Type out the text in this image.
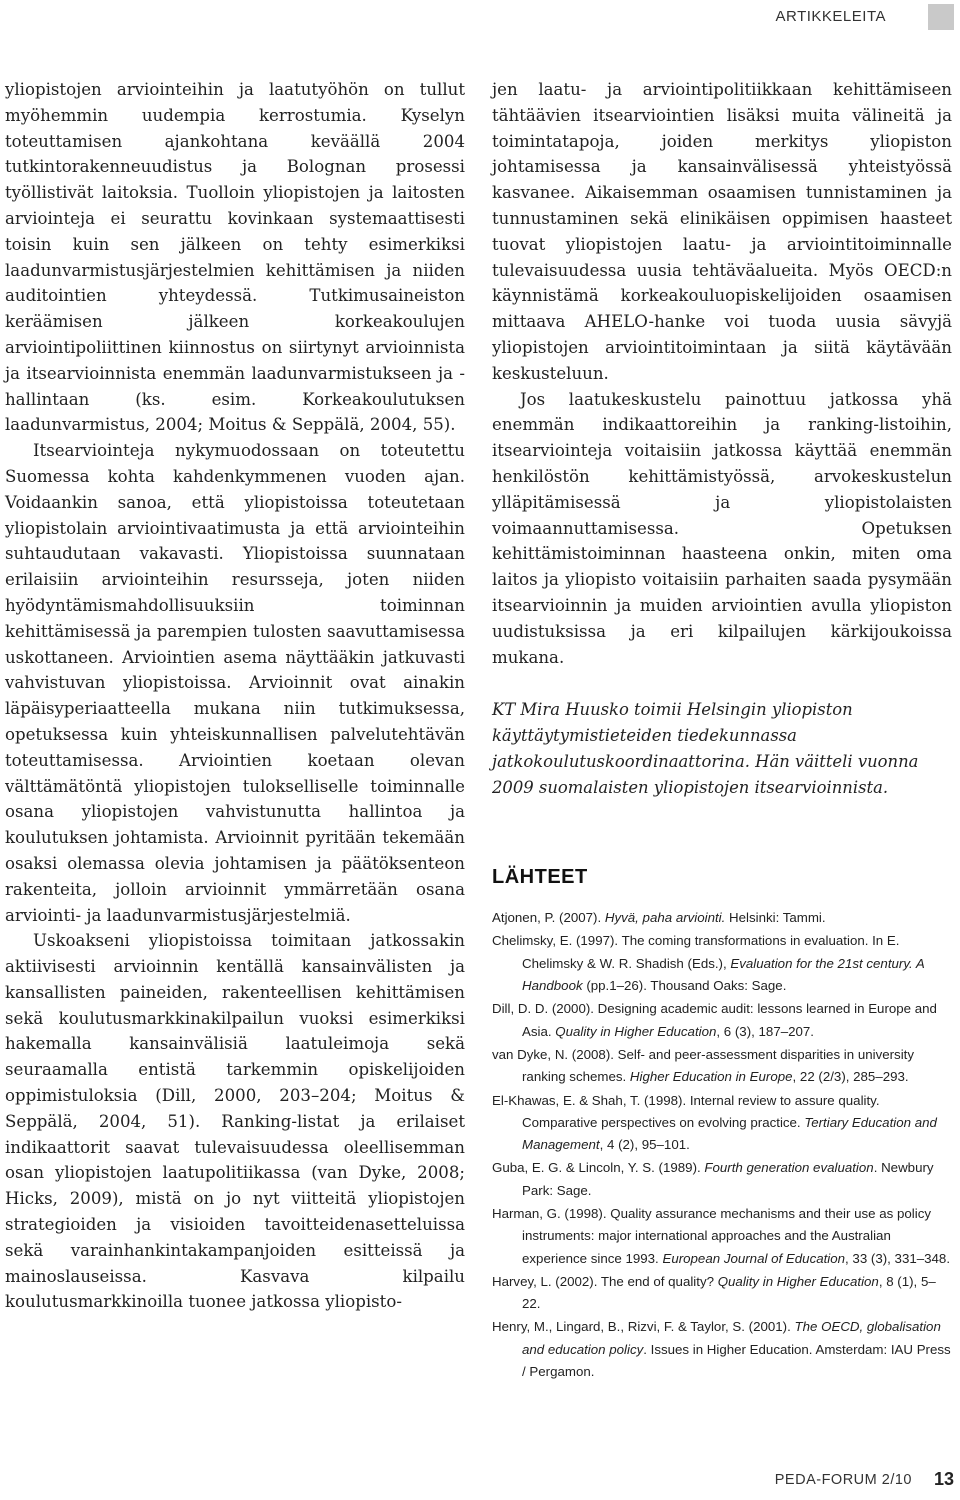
ARTIKKELEITA

yliopistojen arviointeihin ja laatutyöhön on tullut myöhemmin uudempia kerrostumia. Kyselyn toteuttamisen ajankohtana keväällä 2004 tutkintorakenneuudistus ja Bolognan prosessi työllistivät laitoksia. Tuolloin yliopistojen ja laitosten arviointeja ei seurattu kovinkaan systemaattisesti toisin kuin sen jälkeen on tehty esimerkiksi laadunvarmistusjärjestelmien kehittämisen ja niiden auditointien yhteydessä. Tutkimusaineiston keräämisen jälkeen korkeakoulujen arviointipoliittinen kiinnostus on siirtynyt arvioinnista ja itsearvioinnista enemmän laadunvarmistukseen ja -hallintaan (ks. esim. Korkeakoulutuksen laadunvarmistus, 2004; Moitus & Seppälä, 2004, 55).

Itsearviointeja nykymuodossaan on toteutettu Suomessa kohta kahdenkymmenen vuoden ajan. Voidaankin sanoa, että yliopistoissa toteutetaan yliopistolain arviointivaatimusta ja että arviointeihin suhtaudutaan vakavasti. Yliopistoissa suunnataan erilaisiin arviointeihin resursseja, joten niiden hyödyntämismahdollisuuksiin toiminnan kehittämisessä ja parempien tulosten saavuttamisessa uskottaneen. Arviointien asema näyttääkin jatkuvasti vahvistuvan yliopistoissa. Arvioinnit ovat ainakin läpäisyperiaatteella mukana niin tutkimuksessa, opetuksessa kuin yhteiskunnallisen palvelutehtävän toteuttamisessa. Arviointien koetaan olevan välttämätöntä yliopistojen tulokselliselle toiminnalle osana yliopistojen vahvistunutta hallintoa ja koulutuksen johtamista. Arvioinnit pyritään tekemään osaksi olemassa olevia johtamisen ja päätöksenteon rakenteita, jolloin arvioinnit ymmärretään osana arviointi- ja laadunvarmistusjärjestelmiä.

Uskoakseni yliopistoissa toimitaan jatkossakin aktiivisesti arvioinnin kentällä kansainvälisten ja kansallisten paineiden, rakenteellisen kehittämisen sekä koulutusmarkkinakilpailun vuoksi esimerkiksi hakemalla kansainvälisiä laatuleimoja sekä seuraamalla entistä tarkemmin opiskelijoiden oppimistuloksia (Dill, 2000, 203–204; Moitus & Seppälä, 2004, 51). Ranking-listat ja erilaiset indikaattorit saavat tulevaisuudessa oleellisemman osan yliopistojen laatupolitiikassa (van Dyke, 2008; Hicks, 2009), mistä on jo nyt viitteitä yliopistojen strategioiden ja visioiden tavoitteidenasetteluissa sekä varainhankintakampanjoiden esitteissä ja mainoslauseissa. Kasvava kilpailu koulutusmarkkinoilla tuonee jatkossa yliopisto-

jen laatu- ja arviointipolitiikkaan kehittämiseen tähtäävien itsearviointien lisäksi muita välineitä ja toimintatapoja, joiden merkitys yliopiston johtamisessa ja kansainvälisessä yhteistyössä kasvanee. Aikaisemman osaamisen tunnistaminen ja tunnustaminen sekä elinikäisen oppimisen haasteet tuovat yliopistojen laatu- ja arviointitoiminnalle tulevaisuudessa uusia tehtäväalueita. Myös OECD:n käynnistämä korkeakouluopiskelijoiden osaamisen mittaava AHELO-hanke voi tuoda uusia sävyjä yliopistojen arviointitoimintaan ja siitä käytävään keskusteluun.

Jos laatukeskustelu painottuu jatkossa yhä enemmän indikaattoreihin ja ranking-listoihin, itsearviointeja voitaisiin jatkossa käyttää enemmän henkilöstön kehittämistyössä, arvokeskustelun ylläpitämisessä ja yliopistolaisten voimaannuttamisessa. Opetuksen kehittämistoiminnan haasteena onkin, miten oma laitos ja yliopisto voitaisiin parhaiten saada pysymään itsearvioinnin ja muiden arviointien avulla yliopiston uudistuksissa ja eri kilpailujen kärkijoukoissa mukana.

KT Mira Huusko toimii Helsingin yliopiston käyttäytymistieteiden tiedekunnassa jatkokoulutuskoordinaattorina. Hän väitteli vuonna 2009 suomalaisten yliopistojen itsearvioinnista.

LÄHTEET
Atjonen, P. (2007). Hyvä, paha arviointi. Helsinki: Tammi.
Chelimsky, E. (1997). The coming transformations in evaluation. In E. Chelimsky & W. R. Shadish (Eds.), Evaluation for the 21st century. A Handbook (pp.1–26). Thousand Oaks: Sage.
Dill, D. D. (2000). Designing academic audit: lessons learned in Europe and Asia. Quality in Higher Education, 6 (3), 187–207.
van Dyke, N. (2008). Self- and peer-assessment disparities in university ranking schemes. Higher Education in Europe, 22 (2/3), 285–293.
El-Khawas, E. & Shah, T. (1998). Internal review to assure quality. Comparative perspectives on evolving practice. Tertiary Education and Management, 4 (2), 95–101.
Guba, E. G. & Lincoln, Y. S. (1989). Fourth generation evaluation. Newbury Park: Sage.
Harman, G. (1998). Quality assurance mechanisms and their use as policy instruments: major international approaches and the Australian experience since 1993. European Journal of Education, 33 (3), 331–348.
Harvey, L. (2002). The end of quality? Quality in Higher Education, 8 (1), 5–22.
Henry, M., Lingard, B., Rizvi, F. & Taylor, S. (2001). The OECD, globalisation and education policy. Issues in Higher Education. Amsterdam: IAU Press / Pergamon.
PEDA-FORUM 2/10 13
